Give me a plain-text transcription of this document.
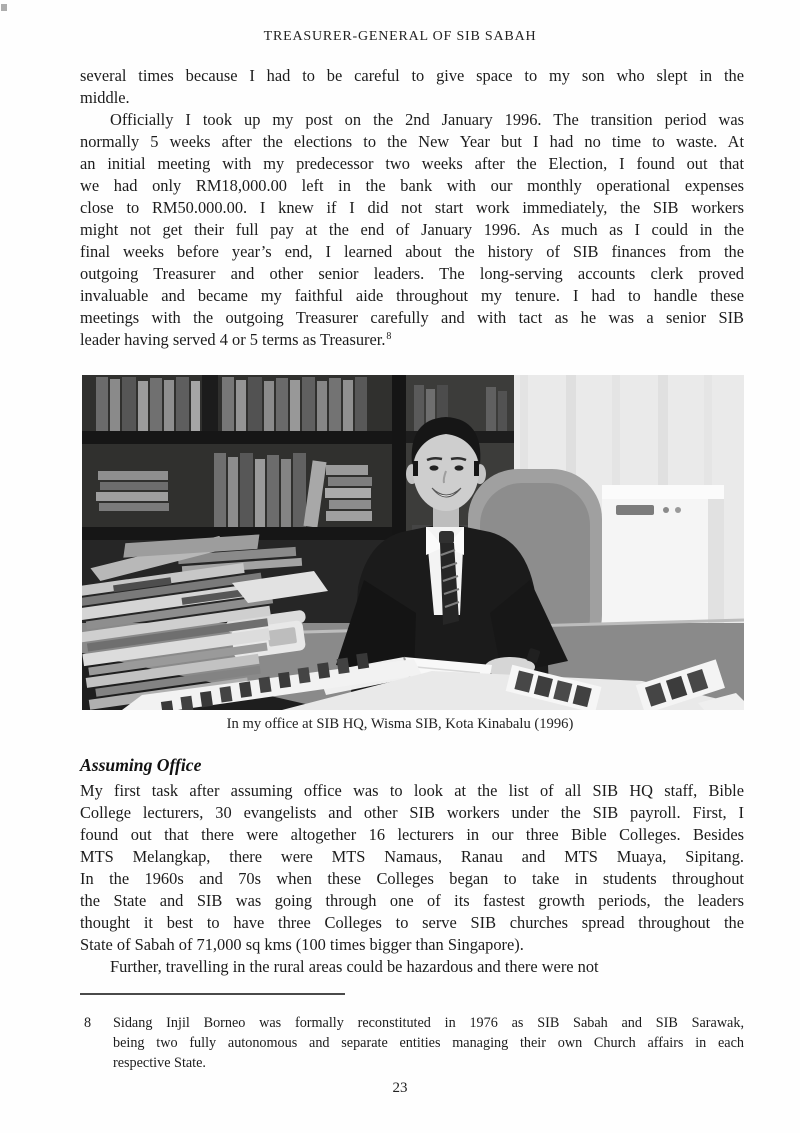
TREASURER-GENERAL OF SIB SABAH
several times because I had to be careful to give space to my son who slept in the
middle.
Officially I took up my post on the 2nd January 1996. The transition period was
normally 5 weeks after the elections to the New Year but I had no time to waste. At
an initial meeting with my predecessor two weeks after the Election, I found out that
we had only RM18,000.00 left in the bank with our monthly operational expenses
close to RM50.000.00. I knew if I did not start work immediately, the SIB workers
might not get their full pay at the end of January 1996. As much as I could in the
final weeks before year’s end, I learned about the history of SIB finances from the
outgoing Treasurer and other senior leaders. The long-serving accounts clerk proved
invaluable and became my faithful aide throughout my tenure. I had to handle these
meetings with the outgoing Treasurer carefully and with tact as he was a senior SIB
leader having served 4 or 5 terms as Treasurer.$^8$
In my office at SIB HQ, Wisma SIB, Kota Kinabalu (1996)
Assuming Office
My first task after assuming office was to look at the list of all SIB HQ staff, Bible
College lecturers, 30 evangelists and other SIB workers under the SIB payroll. First, I
found out that there were altogether 16 lecturers in our three Bible Colleges. Besides
MTS Melangkap, there were MTS Namaus, Ranau and MTS Muaya, Sipitang.
In the 1960s and 70s when these Colleges began to take in students throughout
the State and SIB was going through one of its fastest growth periods, the leaders
thought it best to have three Colleges to serve SIB churches spread throughout the
State of Sabah of 71,000 sq kms (100 times bigger than Singapore).
Further, travelling in the rural areas could be hazardous and there were not
8 Sidang Injil Borneo was formally reconstituted in 1976 as SIB Sabah and SIB Sarawak,
being two fully autonomous and separate entities managing their own Church affairs in each
respective State.
23
